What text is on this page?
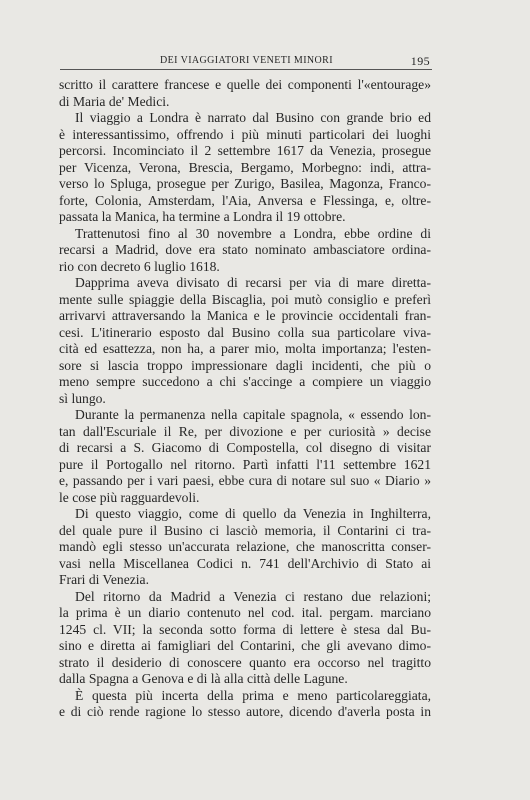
DEI VIAGGIATORI VENETI MINORI	195
scritto il carattere francese e quelle dei componenti l'«entourage»
di Maria de' Medici.
Il viaggio a Londra è narrato dal Busino con grande brio ed
è interessantissimo, offrendo i più minuti particolari dei luoghi
percorsi. Incominciato il 2 settembre 1617 da Venezia, prosegue
per Vicenza, Verona, Brescia, Bergamo, Morbegno: indi, attra-
verso lo Spluga, prosegue per Zurigo, Basilea, Magonza, Franco-
forte, Colonia, Amsterdam, l'Aia, Anversa e Flessinga, e, oltre-
passata la Manica, ha termine a Londra il 19 ottobre.
Trattenutosi fino al 30 novembre a Londra, ebbe ordine di
recarsi a Madrid, dove era stato nominato ambasciatore ordina-
rio con decreto 6 luglio 1618.
Dapprima aveva divisato di recarsi per via di mare diretta-
mente sulle spiaggie della Biscaglia, poi mutò consiglio e preferì
arrivarvi attraversando la Manica e le provincie occidentali fran-
cesi. L'itinerario esposto dal Busino colla sua particolare viva-
cità ed esattezza, non ha, a parer mio, molta importanza; l'esten-
sore si lascia troppo impressionare dagli incidenti, che più o
meno sempre succedono a chi s'accinge a compiere un viaggio
sì lungo.
Durante la permanenza nella capitale spagnola, « essendo lon-
tan dall'Escuriale il Re, per divozione e per curiosità » decise
di recarsi a S. Giacomo di Compostella, col disegno di visitar
pure il Portogallo nel ritorno. Partì infatti l'11 settembre 1621
e, passando per i vari paesi, ebbe cura di notare sul suo « Diario »
le cose più ragguardevoli.
Di questo viaggio, come di quello da Venezia in Inghilterra,
del quale pure il Busino ci lasciò memoria, il Contarini ci tra-
mandò egli stesso un'accurata relazione, che manoscritta conser-
vasi nella Miscellanea Codici n. 741 dell'Archivio di Stato ai
Frari di Venezia.
Del ritorno da Madrid a Venezia ci restano due relazioni;
la prima è un diario contenuto nel cod. ital. pergam. marciano
1245 cl. VII; la seconda sotto forma di lettere è stesa dal Bu-
sino e diretta ai famigliari del Contarini, che gli avevano dimo-
strato il desiderio di conoscere quanto era occorso nel tragitto
dalla Spagna a Genova e di là alla città delle Lagune.
È questa più incerta della prima e meno particolareggiata,
e di ciò rende ragione lo stesso autore, dicendo d'averla posta in
